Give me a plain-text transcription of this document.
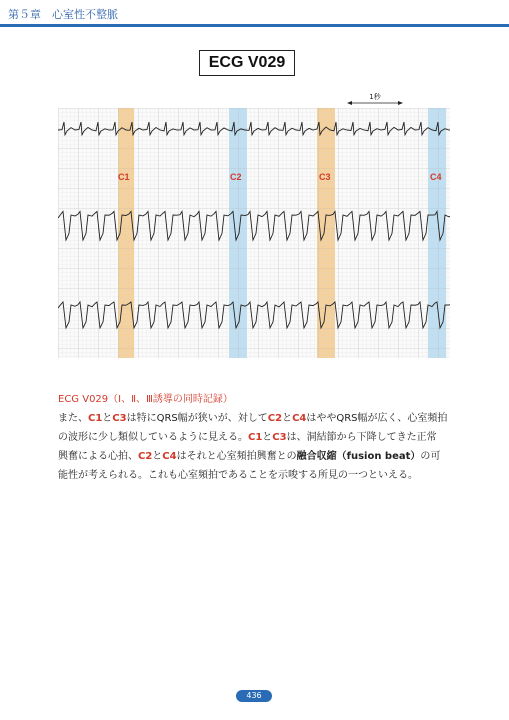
第５章　心室性不整脈
ECG V029
1秒
C1	C2	C3	C4
ECG V029（Ⅰ、Ⅱ、Ⅲ誘導の同時記録）
また、C1とC3は特にQRS幅が狭いが、対してC2とC4はややQRS幅が広く、心室頻拍
の波形に少し類似しているように見える。C1とC3は、洞結節から下降してきた正常
興奮による心拍、C2とC4はそれと心室頻拍興奮との融合収縮（fusion beat）の可
能性が考えられる。これも心室頻拍であることを示唆する所見の一つといえる。
436
